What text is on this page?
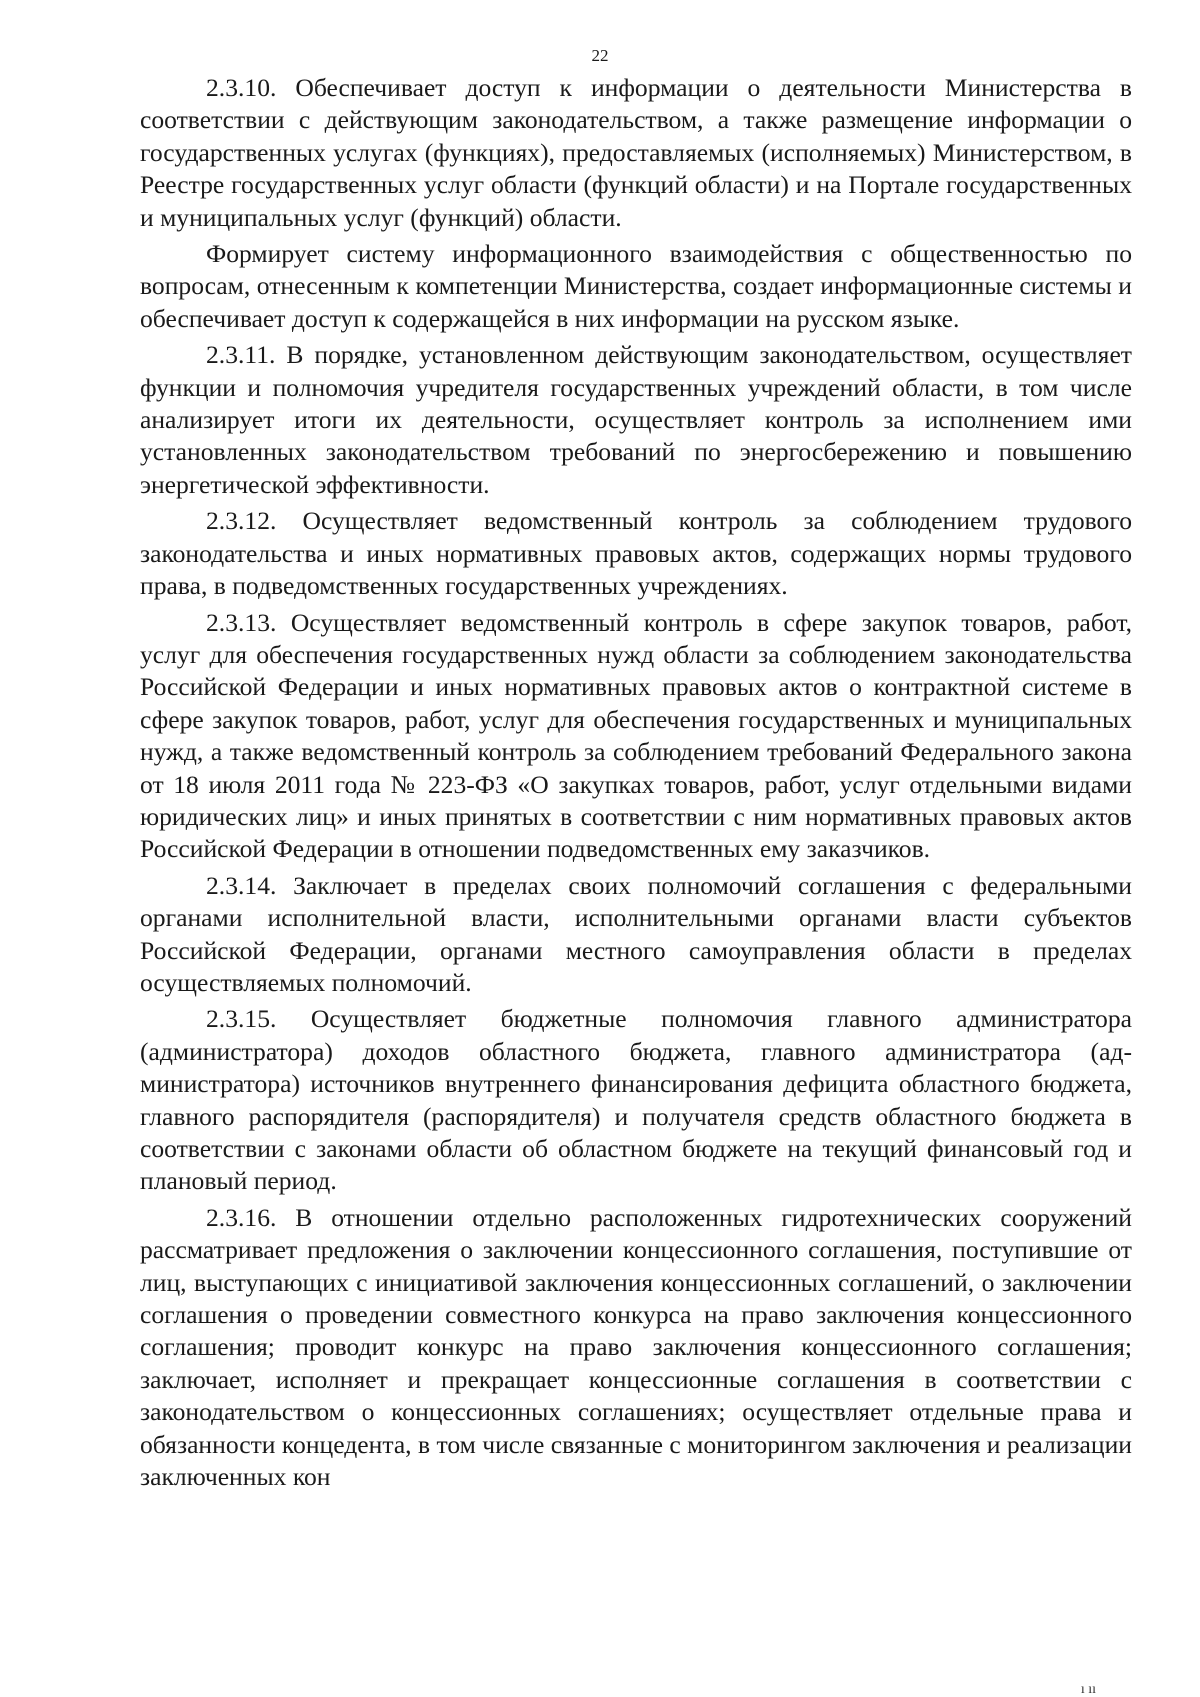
22

2.3.10. Обеспечивает доступ к информации о деятельности Министерства в соответствии с действующим законодательством, а также размещение информации о государственных услугах (функциях), предоставляемых (исполняемых) Министерством, в Реестре государственных услуг области (функций области) и на Портале государственных и муниципальных услуг (функций) области.

Формирует систему информационного взаимодействия с общественностью по вопросам, отнесенным к компетенции Министерства, создает информационные системы и обеспечивает доступ к содержащейся в них информации на русском языке.

2.3.11. В порядке, установленном действующим законодательством, осуществляет функции и полномочия учредителя государственных учреждений области, в том числе анализирует итоги их деятельности, осуществляет контроль за исполнением ими установленных законодательством требований по энергосбережению и повышению энергетической эффективности.

2.3.12. Осуществляет ведомственный контроль за соблюдением трудового законодательства и иных нормативных правовых актов, содержащих нормы трудового права, в подведомственных государственных учреждениях.

2.3.13. Осуществляет ведомственный контроль в сфере закупок товаров, работ, услуг для обеспечения государственных нужд области за соблюдением законодательства Российской Федерации и иных нормативных правовых актов о контрактной системе в сфере закупок товаров, работ, услуг для обеспечения государственных и муниципальных нужд, а также ведомственный контроль за соблюдением требований Федерального закона от 18 июля 2011 года № 223-ФЗ «О закупках товаров, работ, услуг отдельными видами юридических лиц» и иных принятых в соответствии с ним нормативных правовых актов Российской Федерации в отношении подведомственных ему заказчиков.

2.3.14. Заключает в пределах своих полномочий соглашения с федеральными органами исполнительной власти, исполнительными органами власти субъектов Российской Федерации, органами местного самоуправления области в пределах осуществляемых полномочий.

2.3.15. Осуществляет бюджетные полномочия главного администратора (администратора) доходов областного бюджета, главного администратора (администратора) источников внутреннего финансирования дефицита областного бюджета, главного распорядителя (распорядителя) и получателя средств областного бюджета в соответствии с законами области об областном бюджете на текущий финансовый год и плановый период.

2.3.16. В отношении отдельно расположенных гидротехнических сооружений рассматривает предложения о заключении концессионного соглашения, поступившие от лиц, выступающих с инициативой заключения концессионных соглашений, о заключении соглашения о проведении совместного конкурса на право заключения концессионного соглашения; проводит конкурс на право заключения концессионного соглашения; заключает, исполняет и прекращает концессионные соглашения в соответствии с законодательством о концессионных соглашениях; осуществляет отдельные права и обязанности концедента, в том числе связанные с мониторингом заключения и реализации заключенных кон

ı ıı
